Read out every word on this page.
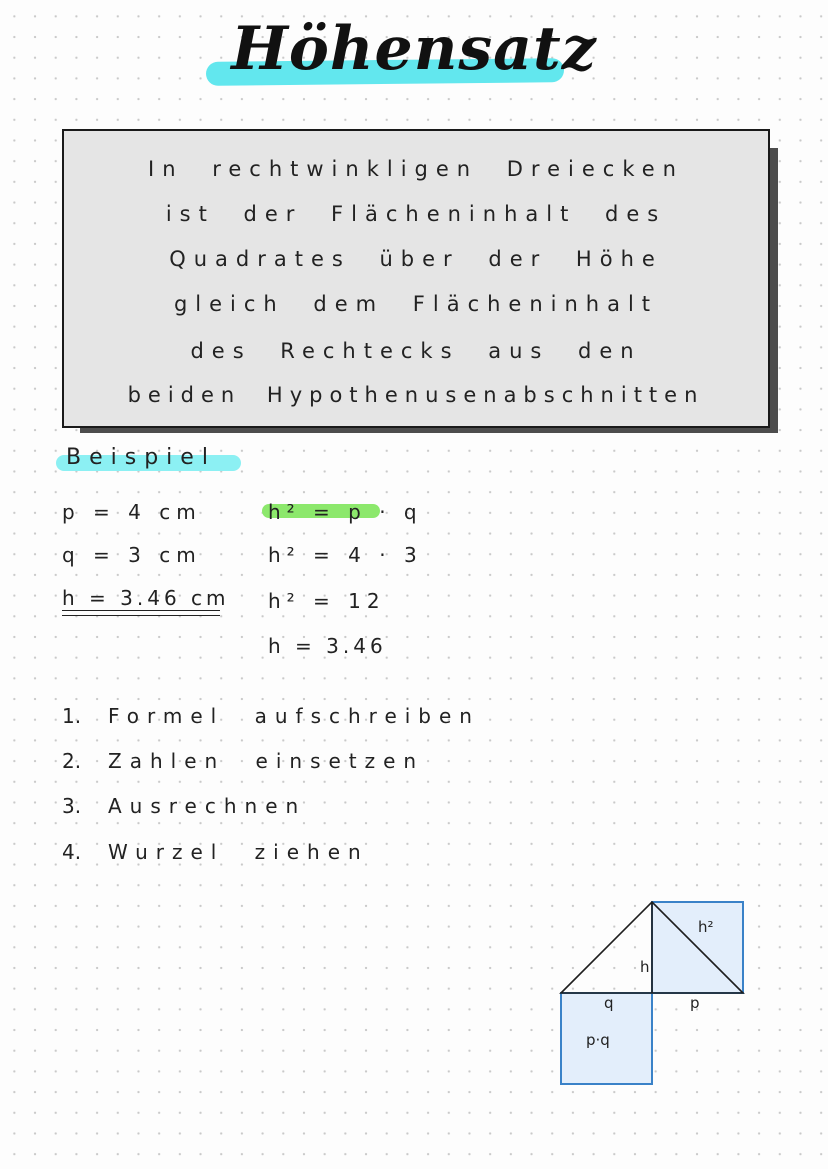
Höhensatz
In rechtwinkligen Dreiecken
ist der Flächeninhalt des
Quadrates über der Höhe
gleich dem Flächeninhalt
des Rechtecks aus den
beiden Hypothenusenabschnitten
Beispiel
p = 4 cm
q = 3 cm
h = 3.46 cm
h² = p · q
h² = 4 · 3
h² = 12
h = 3.46
1. Formel aufschreiben
2. Zahlen einsetzen
3. Ausrechnen
4. Wurzel ziehen
h²
h
p
q
p·q
